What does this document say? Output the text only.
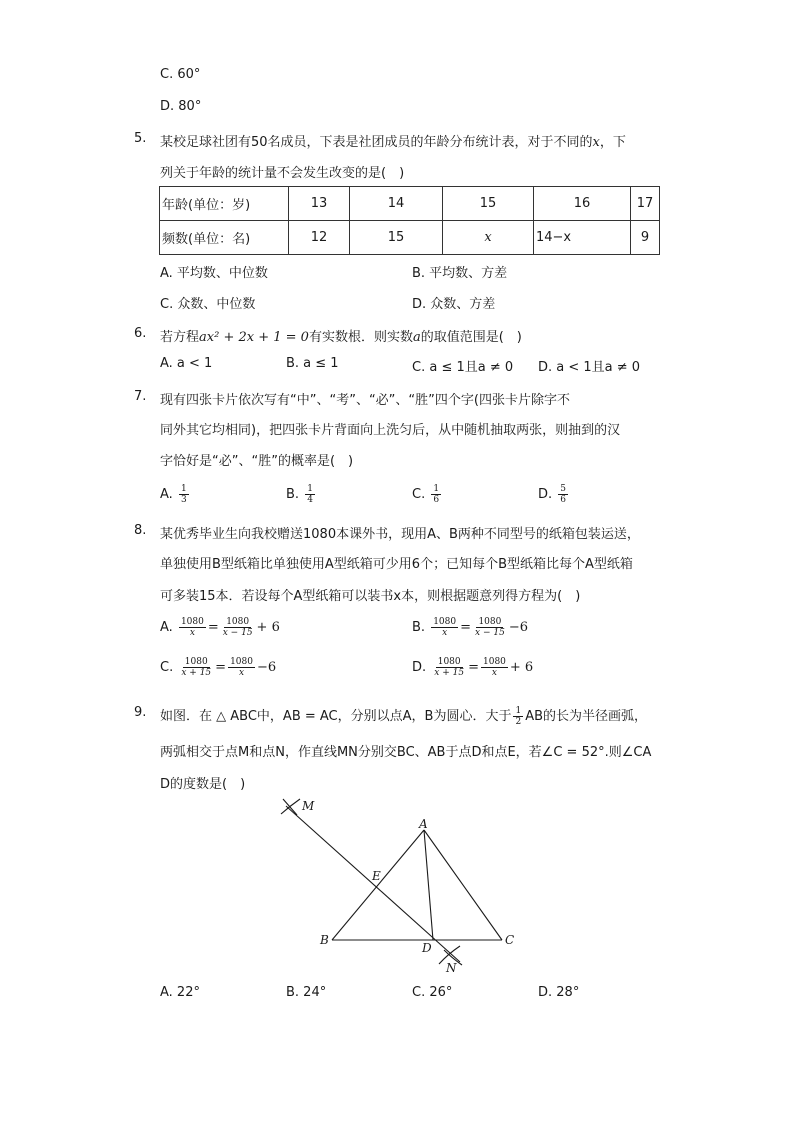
C. 60°
D. 80°
5. 某校足球社团有50名成员，下表是社团成员的年龄分布统计表，对于不同的x，下
列关于年龄的统计量不会发生改变的是(　)
年龄(单位：岁)	13	14	15	16	17
频数(单位：名)	12	15	x	14−x	9
A. 平均数、中位数	B. 平均数、方差
C. 众数、中位数	D. 众数、方差
6. 若方程ax² + 2x + 1 = 0有实数根．则实数a的取值范围是(　)
A. a < 1	B. a ≤ 1	C. a ≤ 1且a ≠ 0 D. a < 1且a ≠ 0
7. 现有四张卡片依次写有“中”、“考”、“必”、“胜”四个字(四张卡片除字不
同外其它均相同)，把四张卡片背面向上洗匀后，从中随机抽取两张，则抽到的汉
字恰好是“必”、“胜”的概率是(　)
A. $\frac{1}{3}$	B. $\frac{1}{4}$	C. $\frac{1}{6}$	D. $\frac{5}{6}$
8. 某优秀毕业生向我校赠送1080本课外书，现用A、B两种不同型号的纸箱包装运送，
单独使用B型纸箱比单独使用A型纸箱可少用6个；已知每个B型纸箱比每个A型纸箱
可多装15本．若设每个A型纸箱可以装书x本，则根据题意列得方程为(　)
A. $\frac{1080}{x} = \frac{1080}{x - 15} + 6$	B. $\frac{1080}{x} = \frac{1080}{x - 15} -6$
C. $\frac{1080}{x + 15} = \frac{1080}{x} -6$	D. $\frac{1080}{x + 15} = \frac{1080}{x} + 6$
9. 如图．在 △ ABC中，AB = AC，分别以点A，B为圆心．大于 $\frac{1}{2}$ AB的长为半径画弧，
两弧相交于点M和点N，作直线MN分别交BC、AB于点D和点E，若∠C = 52°.则∠CA
D的度数是(　)
M
A
E
B
D
C
N
A. 22°	B. 24°	C. 26°	D. 28°
